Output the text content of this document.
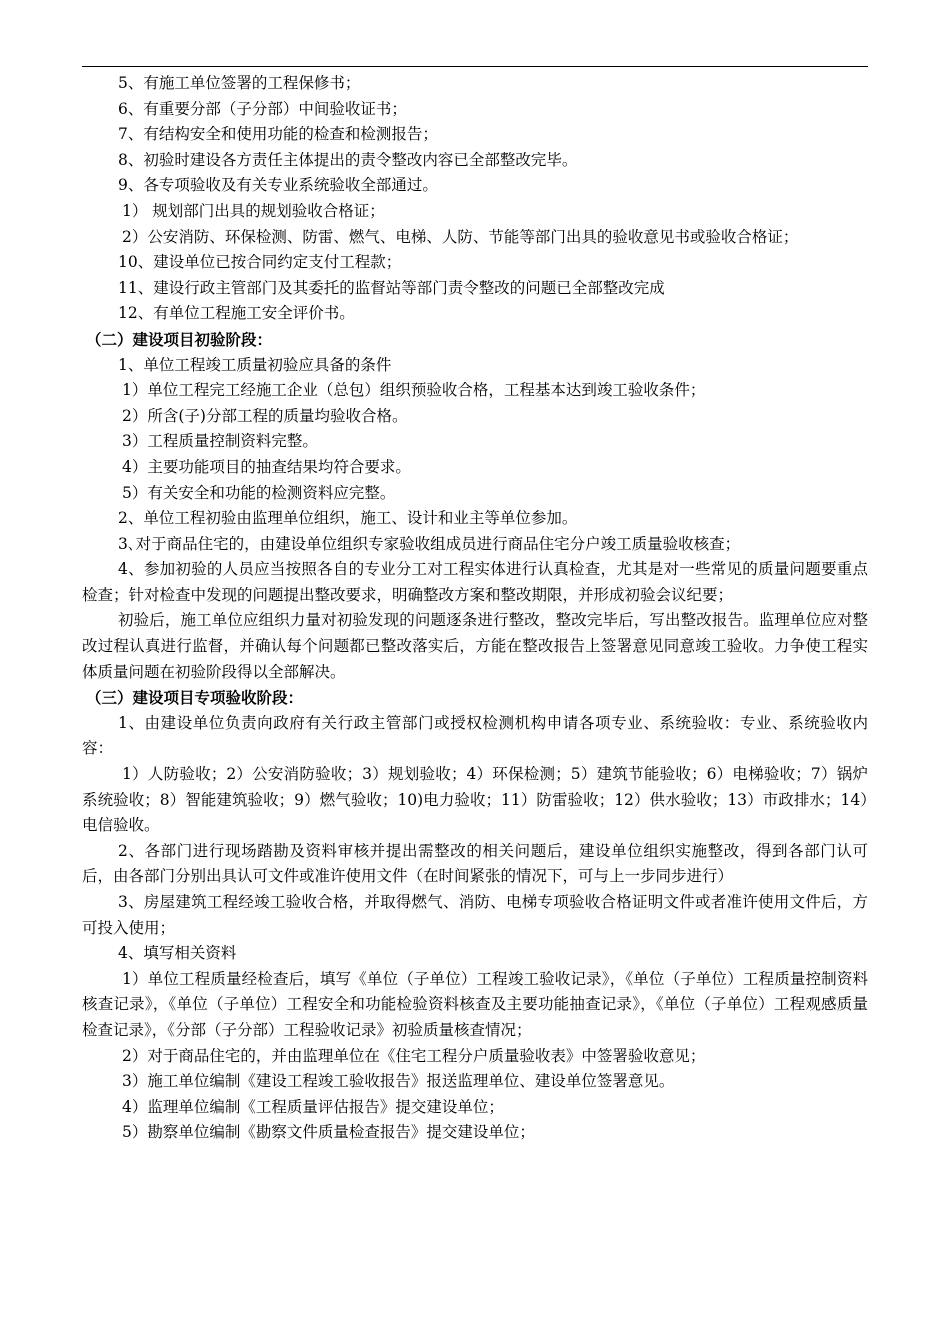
5、有施工单位签署的工程保修书；

6、有重要分部（子分部）中间验收证书；

7、有结构安全和使用功能的检查和检测报告；

8、初验时建设各方责任主体提出的责令整改内容已全部整改完毕。

9、各专项验收及有关专业系统验收全部通过。

1） 规划部门出具的规划验收合格证；

2）公安消防、环保检测、防雷、燃气、电梯、人防、节能等部门出具的验收意见书或验收合格证；

10、建设单位已按合同约定支付工程款；

11、建设行政主管部门及其委托的监督站等部门责令整改的问题已全部整改完成

12、有单位工程施工安全评价书。

（二）建设项目初验阶段：

1、单位工程竣工质量初验应具备的条件

1）单位工程完工经施工企业（总包）组织预验收合格，工程基本达到竣工验收条件；

2）所含(子)分部工程的质量均验收合格。

3）工程质量控制资料完整。

4）主要功能项目的抽查结果均符合要求。

5）有关安全和功能的检测资料应完整。

2、单位工程初验由监理单位组织，施工、设计和业主等单位参加。

3､对于商品住宅的，由建设单位组织专家验收组成员进行商品住宅分户竣工质量验收核查；

4、参加初验的人员应当按照各自的专业分工对工程实体进行认真检查，尤其是对一些常见的质量问题要重点检查；针对检查中发现的问题提出整改要求，明确整改方案和整改期限，并形成初验会议纪要；

初验后，施工单位应组织力量对初验发现的问题逐条进行整改，整改完毕后，写出整改报告。监理单位应对整改过程认真进行监督，并确认每个问题都已整改落实后，方能在整改报告上签署意见同意竣工验收。力争使工程实体质量问题在初验阶段得以全部解决。

（三）建设项目专项验收阶段：

1、由建设单位负责向政府有关行政主管部门或授权检测机构申请各项专业、系统验收：专业、系统验收内容：

1）人防验收；2）公安消防验收；3）规划验收；4）环保检测；5）建筑节能验收；6）电梯验收；7）锅炉系统验收；8）智能建筑验收；9）燃气验收；10)电力验收；11）防雷验收；12）供水验收；13）市政排水；14）电信验收。

2、各部门进行现场踏勘及资料审核并提出需整改的相关问题后，建设单位组织实施整改，得到各部门认可后，由各部门分别出具认可文件或准许使用文件（在时间紧张的情况下，可与上一步同步进行）

3、房屋建筑工程经竣工验收合格，并取得燃气、消防、电梯专项验收合格证明文件或者准许使用文件后，方可投入使用；

4、填写相关资料

1）单位工程质量经检查后，填写《单位（子单位）工程竣工验收记录》，《单位（子单位）工程质量控制资料核查记录》，《单位（子单位）工程安全和功能检验资料核查及主要功能抽查记录》，《单位（子单位）工程观感质量检查记录》，《分部（子分部）工程验收记录》初验质量核查情况；

2）对于商品住宅的，并由监理单位在《住宅工程分户质量验收表》中签署验收意见；

3）施工单位编制《建设工程竣工验收报告》报送监理单位、建设单位签署意见。

4）监理单位编制《工程质量评估报告》提交建设单位；

5）勘察单位编制《勘察文件质量检查报告》提交建设单位；
